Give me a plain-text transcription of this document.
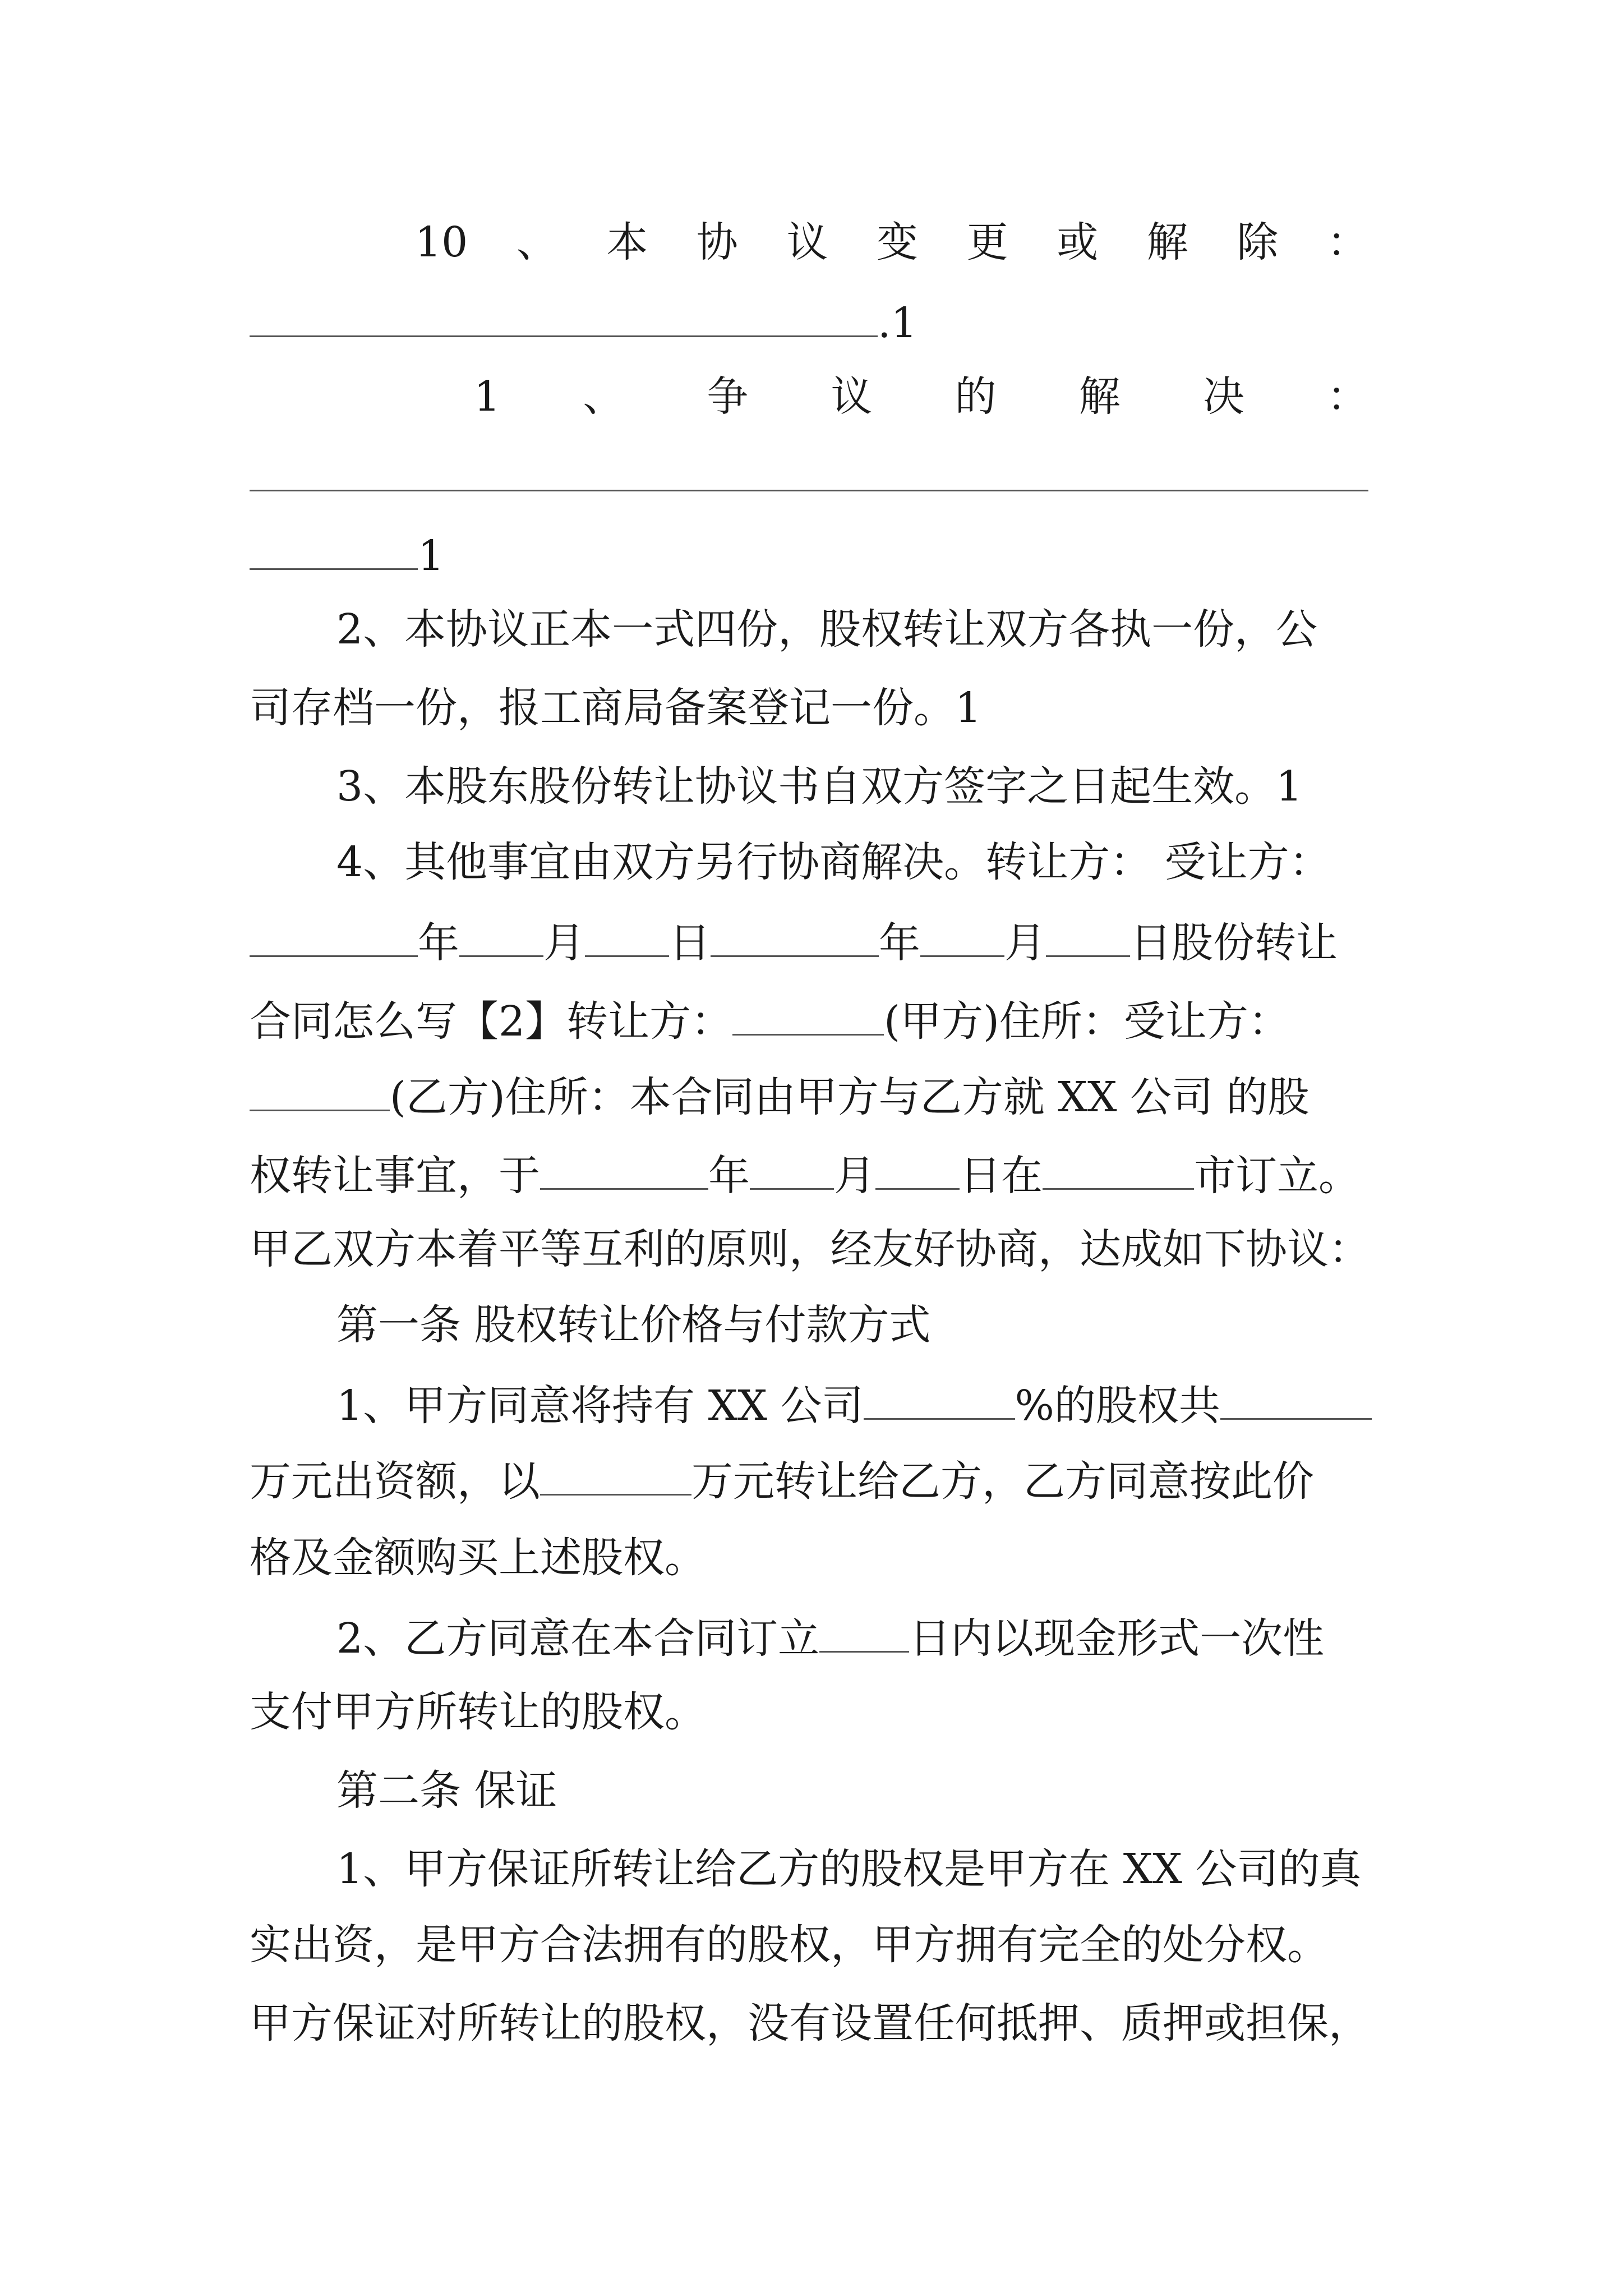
10 、 本 协 议 变 更 或 解 除 ：
.1
1 、 争 议 的 解 决 ：
1
2、本协议正本一式四份，股权转让双方各执一份，公
司存档一份，报工商局备案登记一份。1
3、本股东股份转让协议书自双方签字之日起生效。1
4、其他事宜由双方另行协商解决。转让方： 受让方：
年 月 日	年 月 日股份转让
合同怎么写【2】转让方：	(甲方)住所：受让方：
(乙方)住所：本合同由甲方与乙方就 XX 公司 的股
权转让事宜，于	年 月 日在	市订立。
甲乙双方本着平等互利的原则，经友好协商，达成如下协议：
第一条 股权转让价格与付款方式
1、甲方同意将持有 XX 公司	%的股权共
万元出资额，以	万元转让给乙方，乙方同意按此价
格及金额购买上述股权。
2、乙方同意在本合同订立 日内以现金形式一次性
支付甲方所转让的股权。
第二条 保证
1、甲方保证所转让给乙方的股权是甲方在 XX 公司的真
实出资，是甲方合法拥有的股权，甲方拥有完全的处分权。
甲方保证对所转让的股权，没有设置任何抵押、质押或担保，
